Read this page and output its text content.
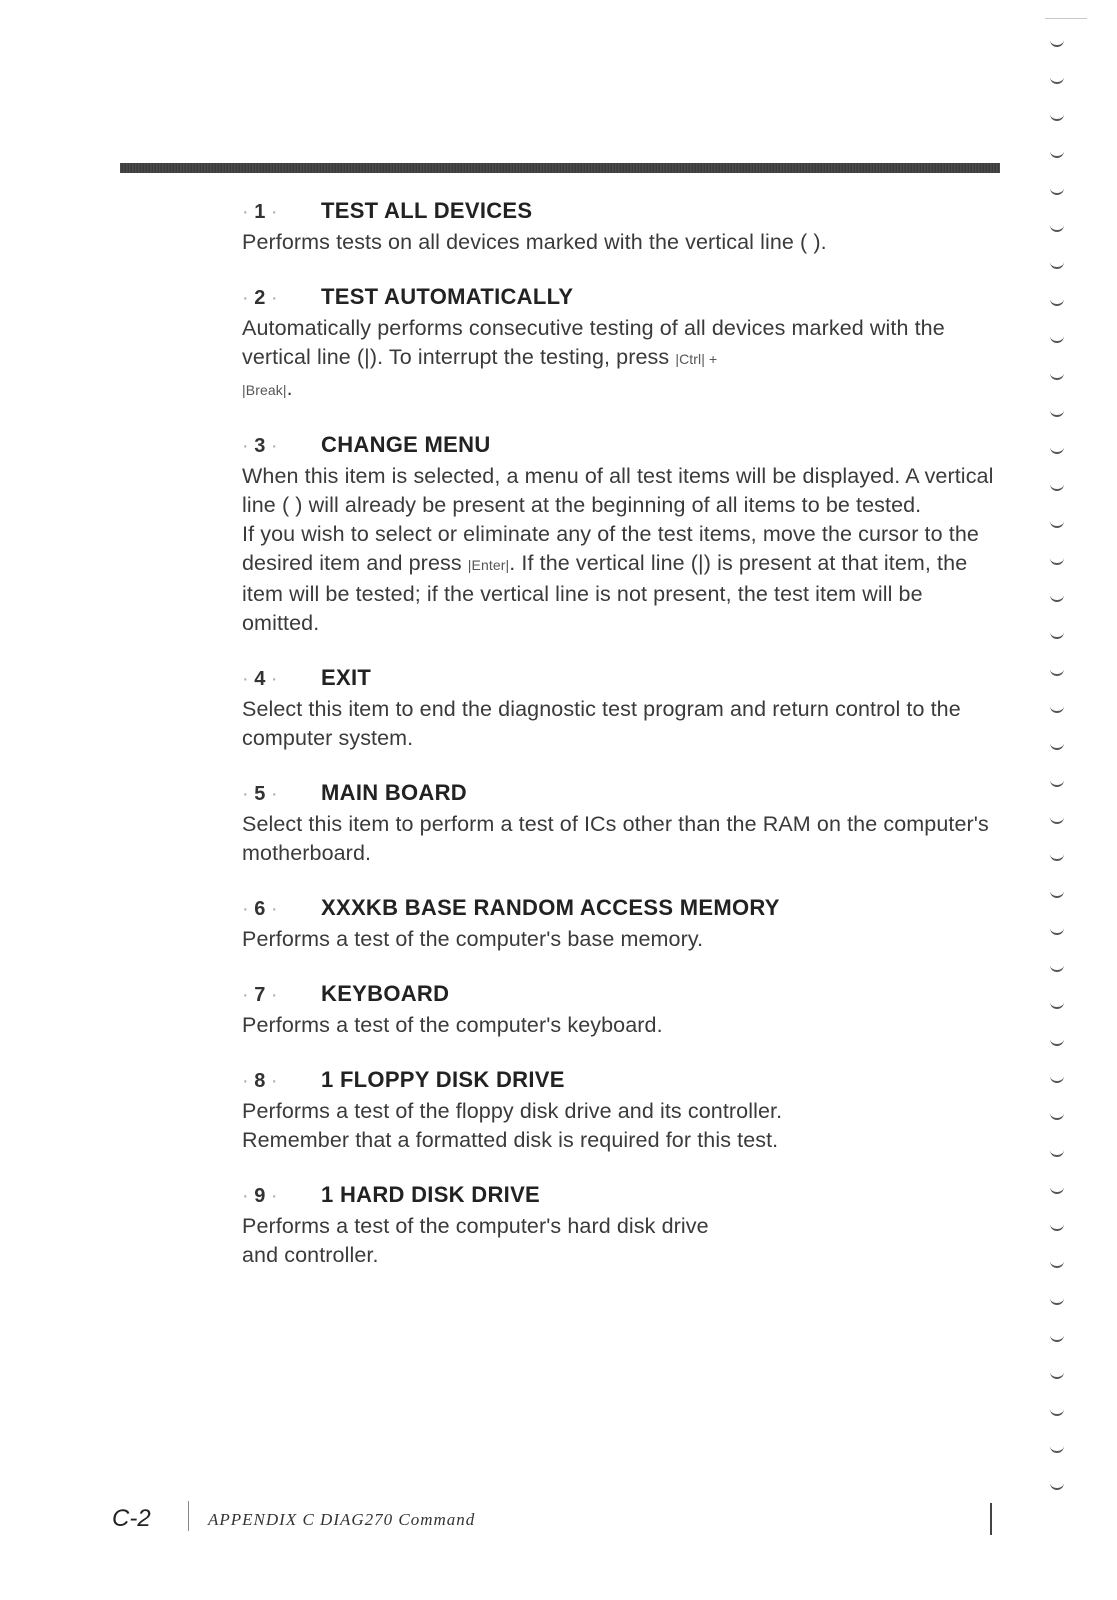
· 1 ·	TEST ALL DEVICES

Performs tests on all devices marked with the vertical line ( ).

· 2 ·	TEST AUTOMATICALLY

Automatically performs consecutive testing of all devices marked with the vertical line (|). To interrupt the testing, press |Ctrl| +
|Break|.

· 3 ·	CHANGE MENU

When this item is selected, a menu of all test items will be displayed. A vertical line ( ) will already be present at the beginning of all items to be tested.

If you wish to select or eliminate any of the test items, move the cursor to the desired item and press |Enter|. If the vertical line (|) is present at that item, the item will be tested; if the vertical line is not present, the test item will be omitted.

· 4 ·	EXIT

Select this item to end the diagnostic test program and return control to the computer system.

· 5 ·	MAIN BOARD

Select this item to perform a test of ICs other than the RAM on the computer's motherboard.

· 6 ·	XXXKB BASE RANDOM ACCESS MEMORY

Performs a test of the computer's base memory.

· 7 ·	KEYBOARD

Performs a test of the computer's keyboard.

· 8 ·	1 FLOPPY DISK DRIVE

Performs a test of the floppy disk drive and its controller.

Remember that a formatted disk is required for this test.

· 9 ·	1 HARD DISK DRIVE

Performs a test of the computer's hard disk drive

and controller.

C-2	APPENDIX C DIAG270 Command
